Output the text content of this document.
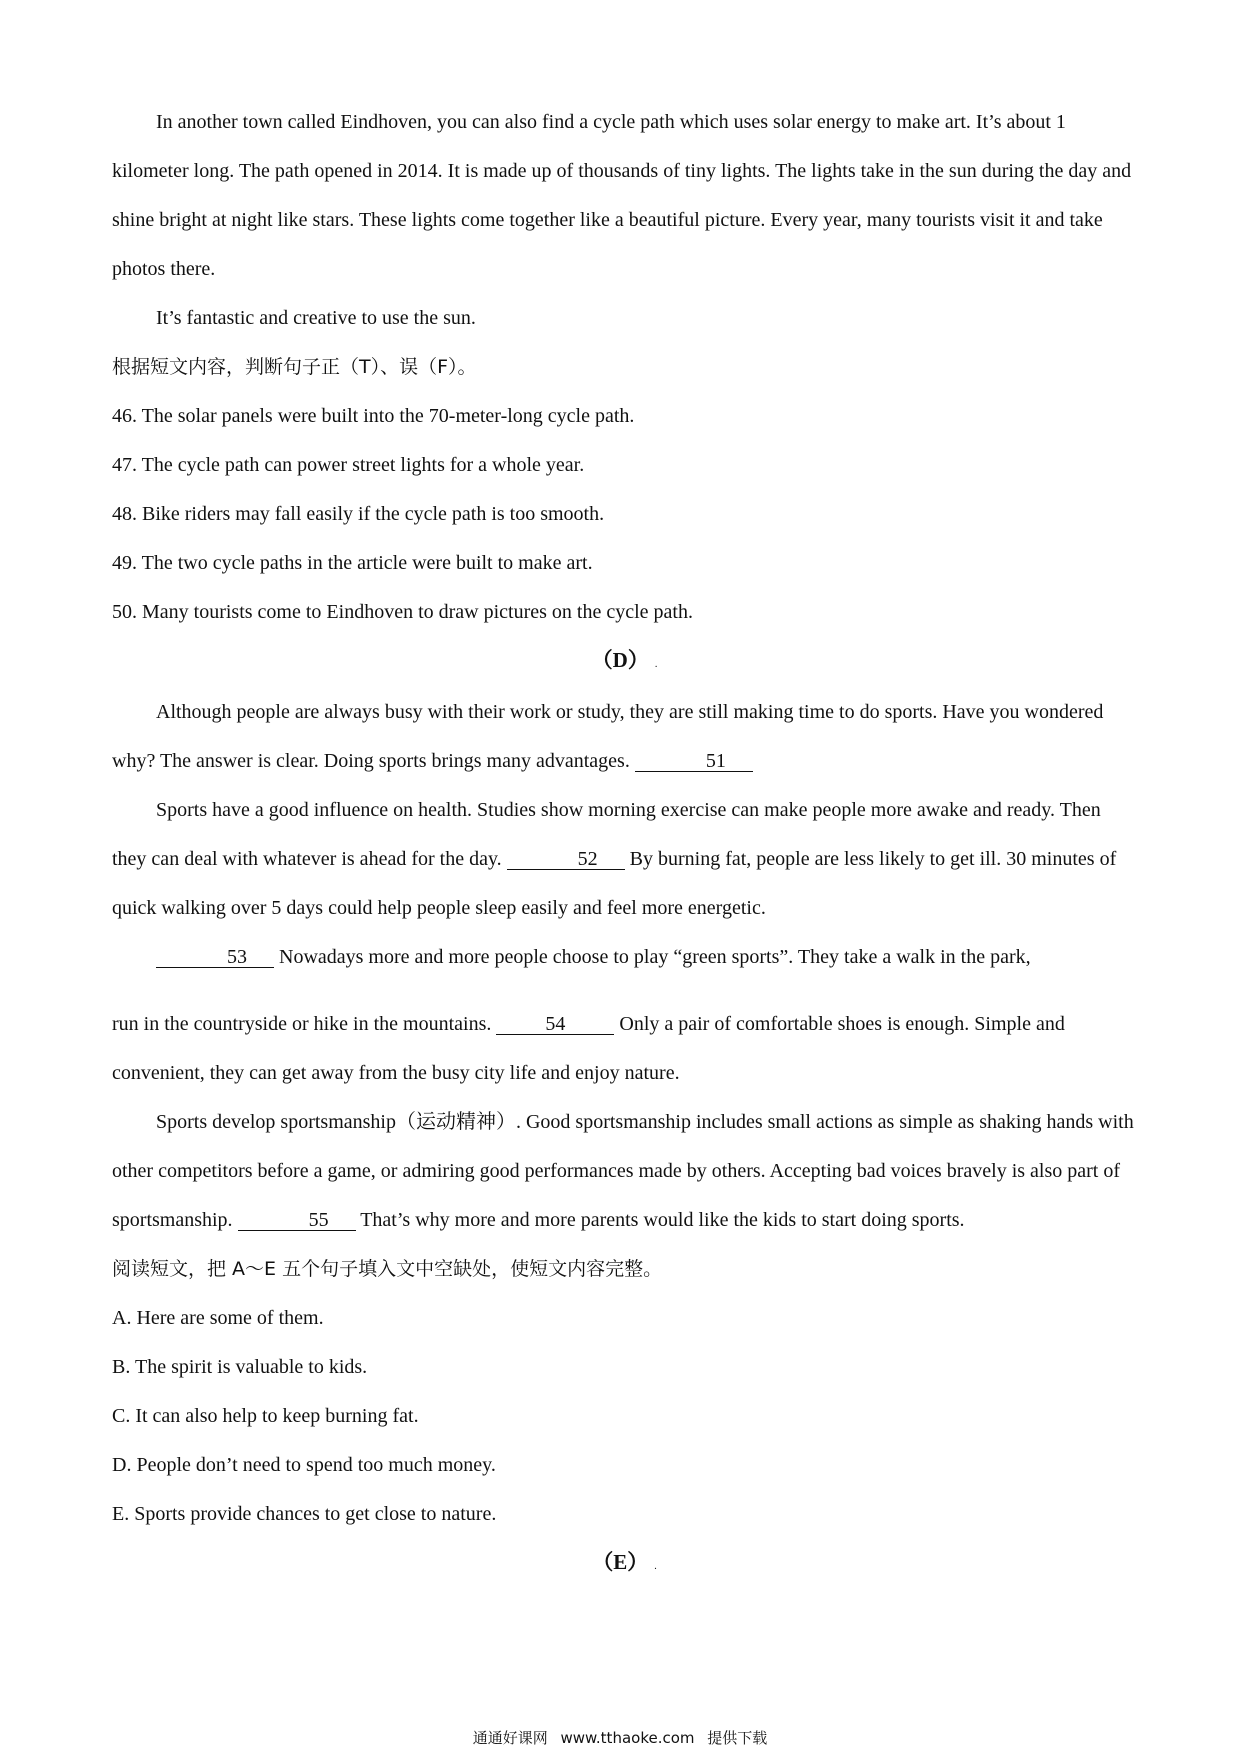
In another town called Eindhoven, you can also find a cycle path which uses solar energy to make art. It’s about 1 kilometer long. The path opened in 2014. It is made up of thousands of tiny lights. The lights take in the sun during the day and shine bright at night like stars. These lights come together like a beautiful picture. Every year, many tourists visit it and take photos there.

It’s fantastic and creative to use the sun.

根据短文内容，判断句子正（T）、误（F）。

46. The solar panels were built into the 70-meter-long cycle path.

47. The cycle path can power street lights for a whole year.

48. Bike riders may fall easily if the cycle path is too smooth.

49. The two cycle paths in the article were built to make art.

50. Many tourists come to Eindhoven to draw pictures on the cycle path.

（D） .

Although people are always busy with their work or study, they are still making time to do sports. Have you wondered why? The answer is clear. Doing sports brings many advantages.	51

Sports have a good influence on health. Studies show morning exercise can make people more awake and ready. Then they can deal with whatever is ahead for the day.	52 By burning fat, people are less likely to get ill. 30 minutes of quick walking over 5 days could help people sleep easily and feel more energetic.

53 Nowadays more and more people choose to play “green sports”. They take a walk in the park,

run in the countryside or hike in the mountains.	54	Only a pair of comfortable shoes is enough. Simple and convenient, they can get away from the busy city life and enjoy nature.

Sports develop sportsmanship（运动精神）. Good sportsmanship includes small actions as simple as shaking hands with other competitors before a game, or admiring good performances made by others. Accepting bad voices bravely is also part of sportsmanship.	55 That’s why more and more parents would like the kids to start doing sports.

阅读短文，把 A～E 五个句子填入文中空缺处，使短文内容完整。

A. Here are some of them.

B. The spirit is valuable to kids.

C. It can also help to keep burning fat.

D. People don’t need to spend too much money.

E. Sports provide chances to get close to nature.

（E） .

通通好课网 www.tthaoke.com 提供下载
